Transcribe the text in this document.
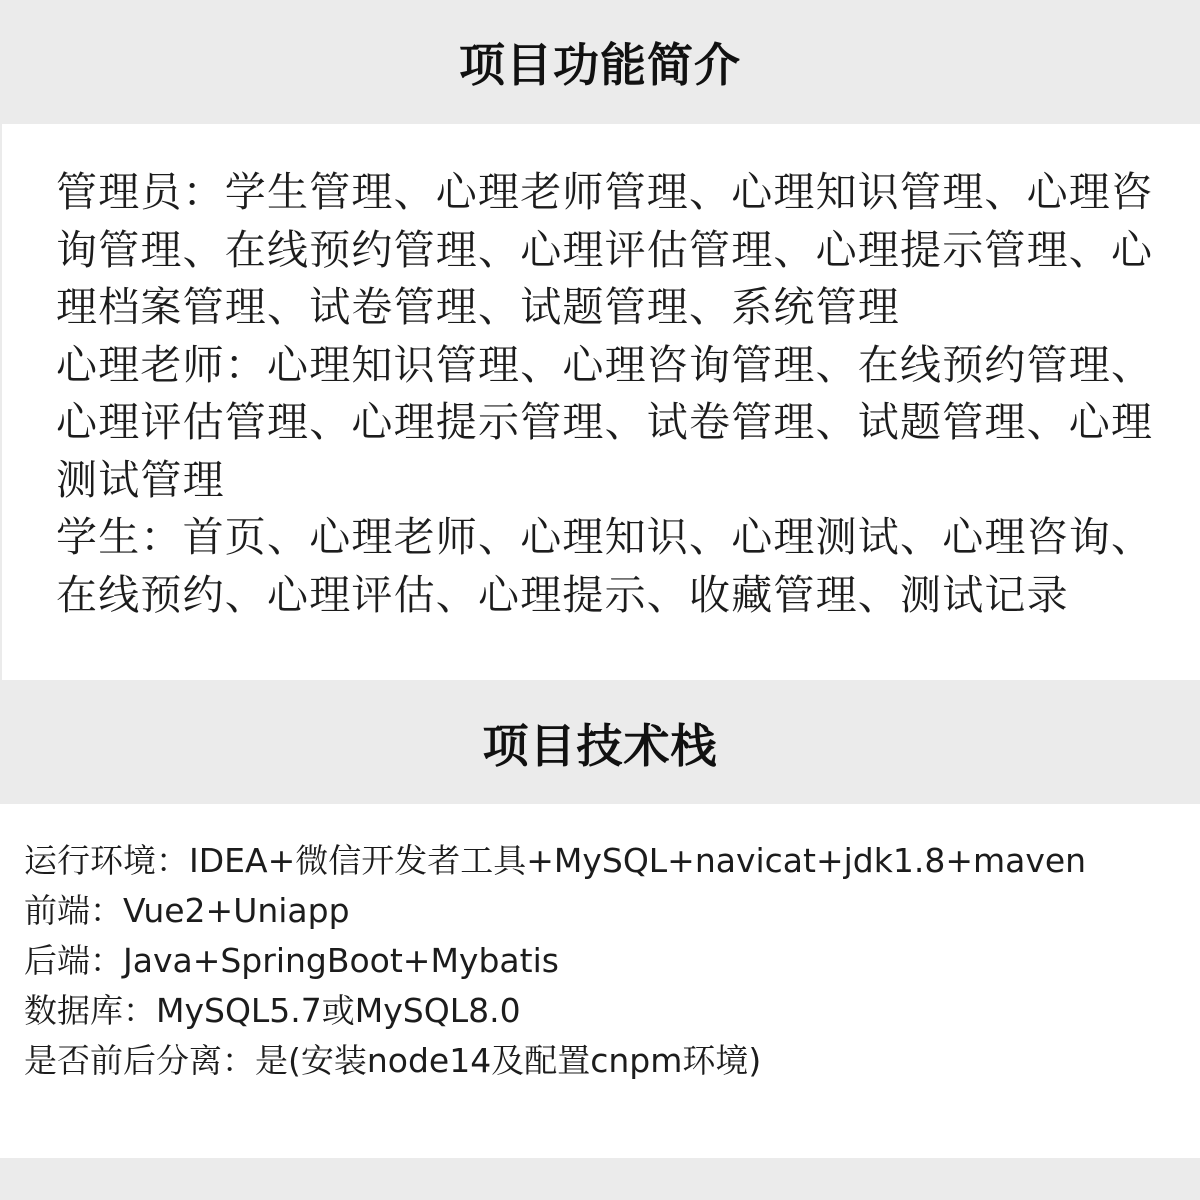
项目功能简介

管理员：学生管理、心理老师管理、心理知识管理、心理咨询管理、在线预约管理、心理评估管理、心理提示管理、心理档案管理、试卷管理、试题管理、系统管理

心理老师：心理知识管理、心理咨询管理、在线预约管理、心理评估管理、心理提示管理、试卷管理、试题管理、心理测试管理

学生：首页、心理老师、心理知识、心理测试、心理咨询、在线预约、心理评估、心理提示、收藏管理、测试记录

项目技术栈

运行环境：IDEA+微信开发者工具+MySQL+navicat+jdk1.8+maven

前端：Vue2+Uniapp

后端：Java+SpringBoot+Mybatis

数据库：MySQL5.7或MySQL8.0

是否前后分离：是(安装node14及配置cnpm环境)
